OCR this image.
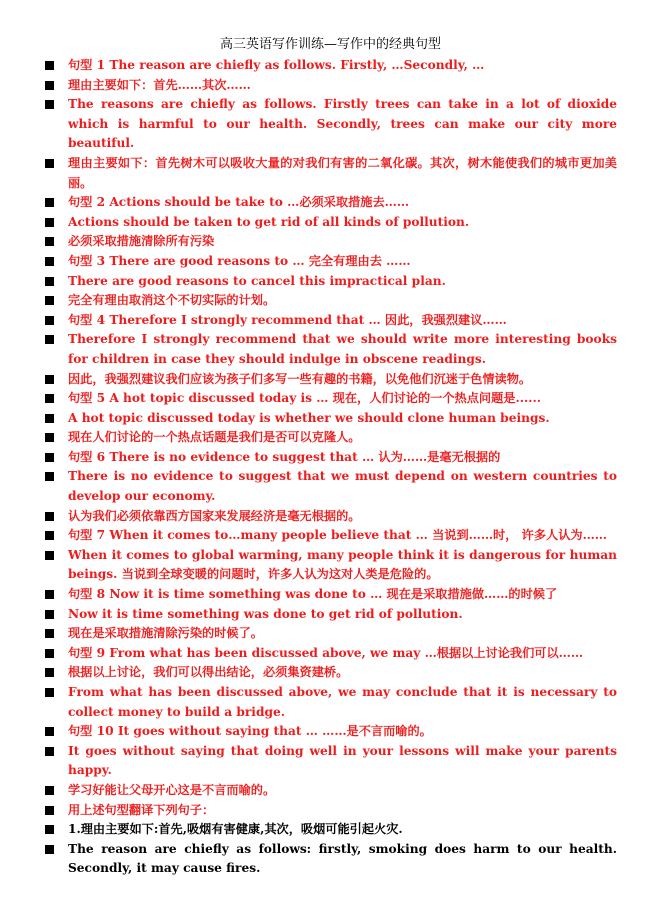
高三英语写作训练—写作中的经典句型
句型 1 The reason are chiefly as follows. Firstly, …Secondly, …
理由主要如下：首先……其次……
The reasons are chiefly as follows. Firstly trees can take in a lot of dioxide which is harmful to our health. Secondly, trees can make our city more beautiful.
理由主要如下：首先树木可以吸收大量的对我们有害的二氧化碳。其次，树木能使我们的城市更加美丽。
句型 2 Actions should be take to …必须采取措施去……
Actions should be taken to get rid of all kinds of pollution.
必须采取措施清除所有污染
句型 3 There are good reasons to … 完全有理由去 ……
There are good reasons to cancel this impractical plan.
完全有理由取消这个不切实际的计划。
句型 4 Therefore I strongly recommend that … 因此，我强烈建议……
Therefore I strongly recommend that we should write more interesting books for children in case they should indulge in obscene readings.
因此，我强烈建议我们应该为孩子们多写一些有趣的书籍，以免他们沉迷于色情读物。
句型 5 A hot topic discussed today is … 现在，人们讨论的一个热点问题是......
A hot topic discussed today is whether we should clone human beings.
现在人们讨论的一个热点话题是我们是否可以克隆人。
句型 6 There is no evidence to suggest that … 认为……是毫无根据的
There is no evidence to suggest that we must depend on western countries to develop our economy.
认为我们必须依靠西方国家来发展经济是毫无根据的。
句型 7 When it comes to…many people believe that … 当说到……时， 许多人认为……
When it comes to global warming, many people think it is dangerous for human beings. 当说到全球变暖的问题时，许多人认为这对人类是危险的。
句型 8 Now it is time something was done to … 现在是采取措施做……的时候了
Now it is time something was done to get rid of pollution.
现在是采取措施清除污染的时候了。
句型 9 From what has been discussed above, we may …根据以上讨论我们可以……
根据以上讨论，我们可以得出结论，必须集资建桥。
From what has been discussed above, we may conclude that it is necessary to collect money to build a bridge.
句型 10 It goes without saying that … ……是不言而喻的。
It goes without saying that doing well in your lessons will make your parents happy.
学习好能让父母开心这是不言而喻的。
用上述句型翻译下列句子：
1.理由主要如下:首先,吸烟有害健康,其次，吸烟可能引起火灾.
The reason are chiefly as follows: firstly, smoking does harm to our health. Secondly, it may cause fires.
